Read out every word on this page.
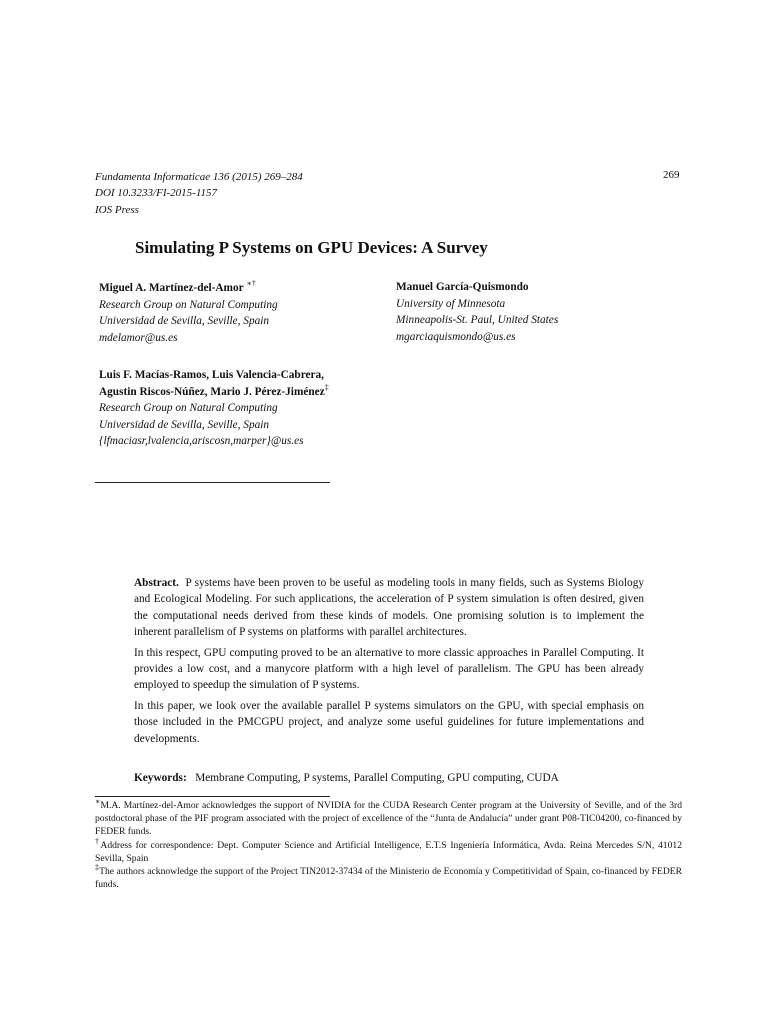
Fundamenta Informaticae 136 (2015) 269–284
DOI 10.3233/FI-2015-1157
IOS Press
269
Simulating P Systems on GPU Devices: A Survey
Miguel A. Martínez-del-Amor ∗†
Research Group on Natural Computing
Universidad de Sevilla, Seville, Spain
mdelamor@us.es
Manuel García-Quismondo
University of Minnesota
Minneapolis-St. Paul, United States
mgarciaquismondo@us.es
Luis F. Macías-Ramos, Luis Valencia-Cabrera,
Agustin Riscos-Núñez, Mario J. Pérez-Jiménez‡
Research Group on Natural Computing
Universidad de Sevilla, Seville, Spain
{lfmaciasr,lvalencia,ariscosn,marper}@us.es

Abstract. P systems have been proven to be useful as modeling tools in many fields, such as Systems Biology and Ecological Modeling. For such applications, the acceleration of P system simulation is often desired, given the computational needs derived from these kinds of models. One promising solution is to implement the inherent parallelism of P systems on platforms with parallel architectures.

In this respect, GPU computing proved to be an alternative to more classic approaches in Parallel Computing. It provides a low cost, and a manycore platform with a high level of parallelism. The GPU has been already employed to speedup the simulation of P systems.

In this paper, we look over the available parallel P systems simulators on the GPU, with special emphasis on those included in the PMCGPU project, and analyze some useful guidelines for future implementations and developments.

Keywords: Membrane Computing, P systems, Parallel Computing, GPU computing, CUDA

∗M.A. Martínez-del-Amor acknowledges the support of NVIDIA for the CUDA Research Center program at the University of Seville, and of the 3rd postdoctoral phase of the PIF program associated with the project of excellence of the “Junta de Andalucía” under grant P08-TIC04200, co-financed by FEDER funds.

†Address for correspondence: Dept. Computer Science and Artificial Intelligence, E.T.S Ingeniería Informática, Avda. Reina Mercedes S/N, 41012 Sevilla, Spain

‡The authors acknowledge the support of the Project TIN2012-37434 of the Ministerio de Economía y Competitividad of Spain, co-financed by FEDER funds.
